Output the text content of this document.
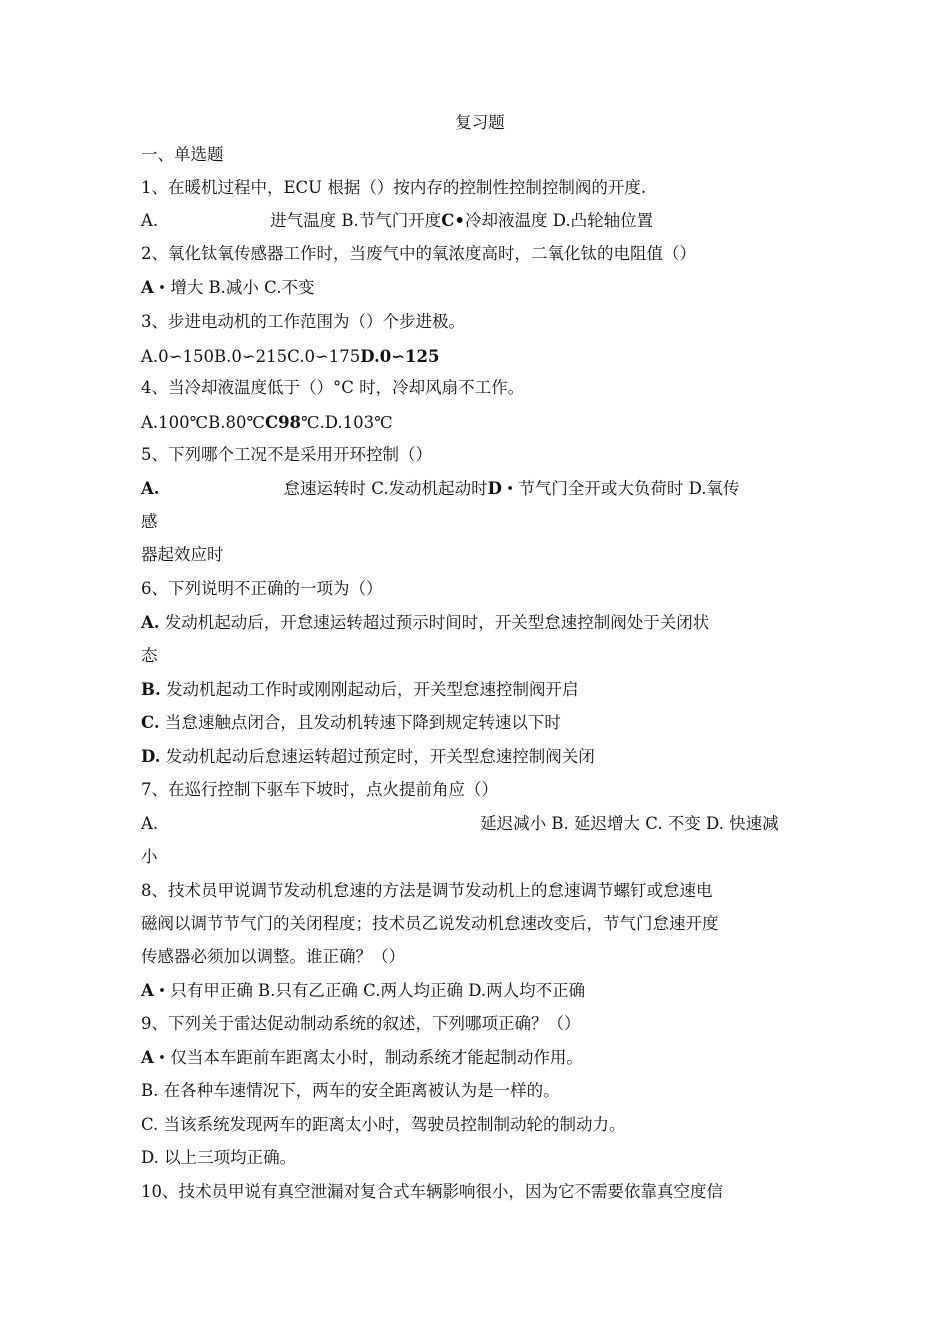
复习题
一、单选题
1、在暖机过程中，ECU 根据（）按内存的控制性控制控制阀的开度.
A.	进气温度 B.节气门开度C•冷却液温度 D.凸轮轴位置
2、氧化钛氧传感器工作时，当废气中的氧浓度高时，二氧化钛的电阻值（）
A・增大 B.减小 C.不变
3、步进电动机的工作范围为（）个步进极。
A.0∽150B.0∽215C.0∽175D.0∽125
4、当冷却液温度低于（）°C 时，冷却风扇不工作。
A.100℃B.80℃C98℃.D.103℃
5、下列哪个工况不是采用开环控制（）
A.	怠速运转时 C.发动机起动时D・节气门全开或大负荷时 D.氧传
感
器起效应时
6、下列说明不正确的一项为（）
A. 发动机起动后，开怠速运转超过预示时间时，开关型怠速控制阀处于关闭状
态
B. 发动机起动工作时或刚刚起动后，开关型怠速控制阀开启
C. 当怠速触点闭合，且发动机转速下降到规定转速以下时
D. 发动机起动后怠速运转超过预定时，开关型怠速控制阀关闭
7、在巡行控制下驱车下坡时，点火提前角应（）
A.	延迟减小 B. 延迟增大 C. 不变 D. 快速减
小
8、技术员甲说调节发动机怠速的方法是调节发动机上的怠速调节螺钉或怠速电
磁阀以调节节气门的关闭程度；技术员乙说发动机怠速改变后，节气门怠速开度
传感器必须加以调整。谁正确？（）
A・只有甲正确 B.只有乙正确 C.两人均正确 D.两人均不正确
9、下列关于雷达促动制动系统的叙述，下列哪项正确？（）
A・仅当本车距前车距离太小时，制动系统才能起制动作用。
B. 在各种车速情况下，两车的安全距离被认为是一样的。
C. 当该系统发现两车的距离太小时，驾驶员控制制动轮的制动力。
D. 以上三项均正确。
10、技术员甲说有真空泄漏对复合式车辆影响很小，因为它不需要依靠真空度信
